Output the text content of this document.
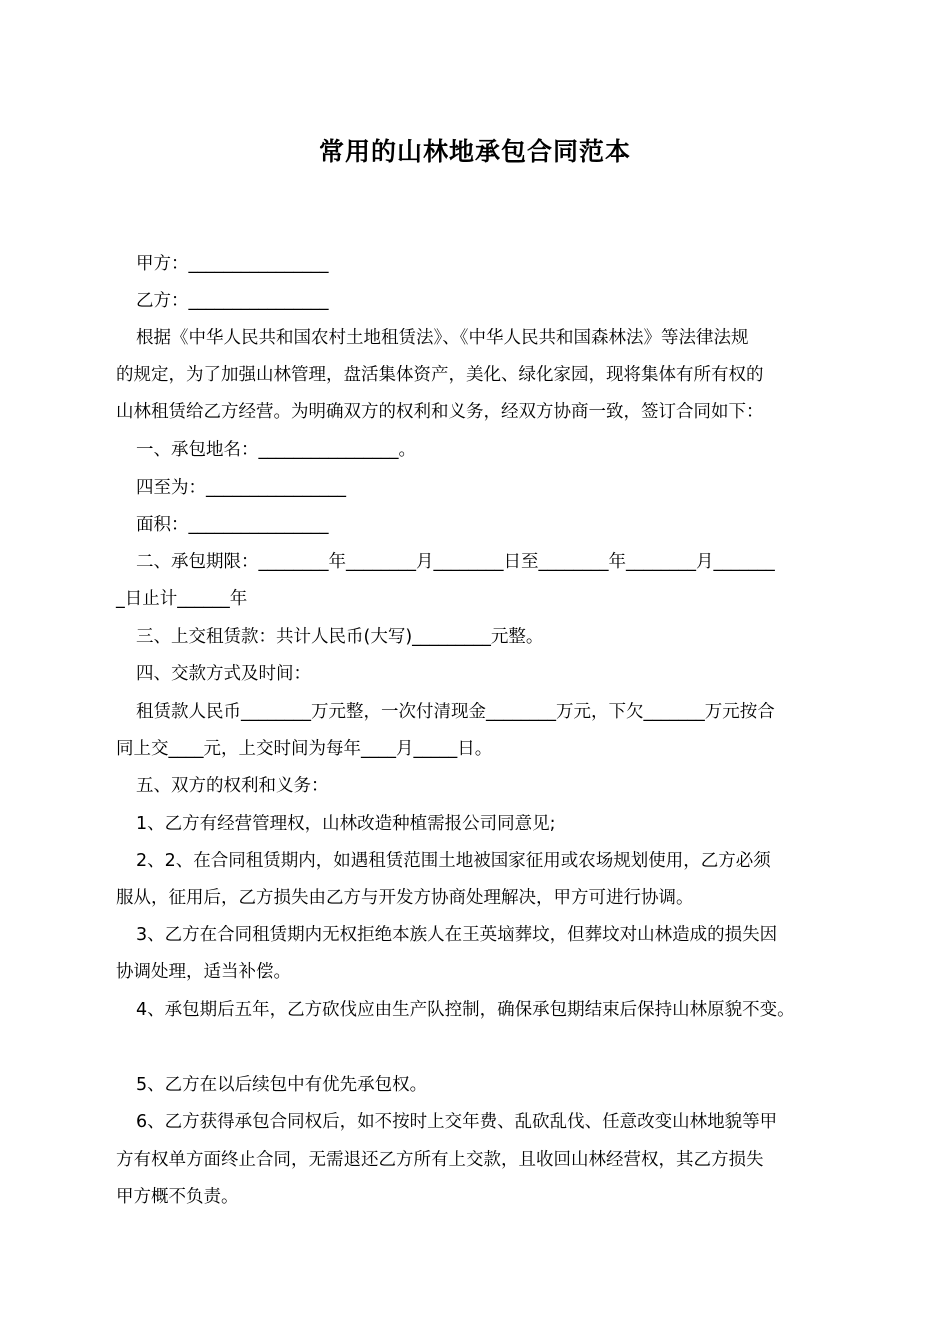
常用的山林地承包合同范本
甲方：________________
乙方：________________
根据《中华人民共和国农村土地租赁法》、《中华人民共和国森林法》等法律法规
的规定，为了加强山林管理，盘活集体资产，美化、绿化家园，现将集体有所有权的
山林租赁给乙方经营。为明确双方的权利和义务，经双方协商一致，签订合同如下：
一、承包地名：________________。
四至为：________________
面积：________________
二、承包期限：________年________月________日至________年________月_______
_日止计______年
三、上交租赁款：共计人民币(大写)_________元整。
四、交款方式及时间：
租赁款人民币________万元整，一次付清现金________万元，下欠_______万元按合
同上交____元，上交时间为每年____月_____日。
五、双方的权利和义务：
1、乙方有经营管理权，山林改造种植需报公司同意见;
2、2、在合同租赁期内，如遇租赁范围土地被国家征用或农场规划使用，乙方必须
服从，征用后，乙方损失由乙方与开发方协商处理解决，甲方可进行协调。
3、乙方在合同租赁期内无权拒绝本族人在王英垴葬坟，但葬坟对山林造成的损失因
协调处理，适当补偿。
4、承包期后五年，乙方砍伐应由生产队控制，确保承包期结束后保持山林原貌不变。
5、乙方在以后续包中有优先承包权。
6、乙方获得承包合同权后，如不按时上交年费、乱砍乱伐、任意改变山林地貌等甲
方有权单方面终止合同，无需退还乙方所有上交款，且收回山林经营权，其乙方损失
甲方概不负责。
